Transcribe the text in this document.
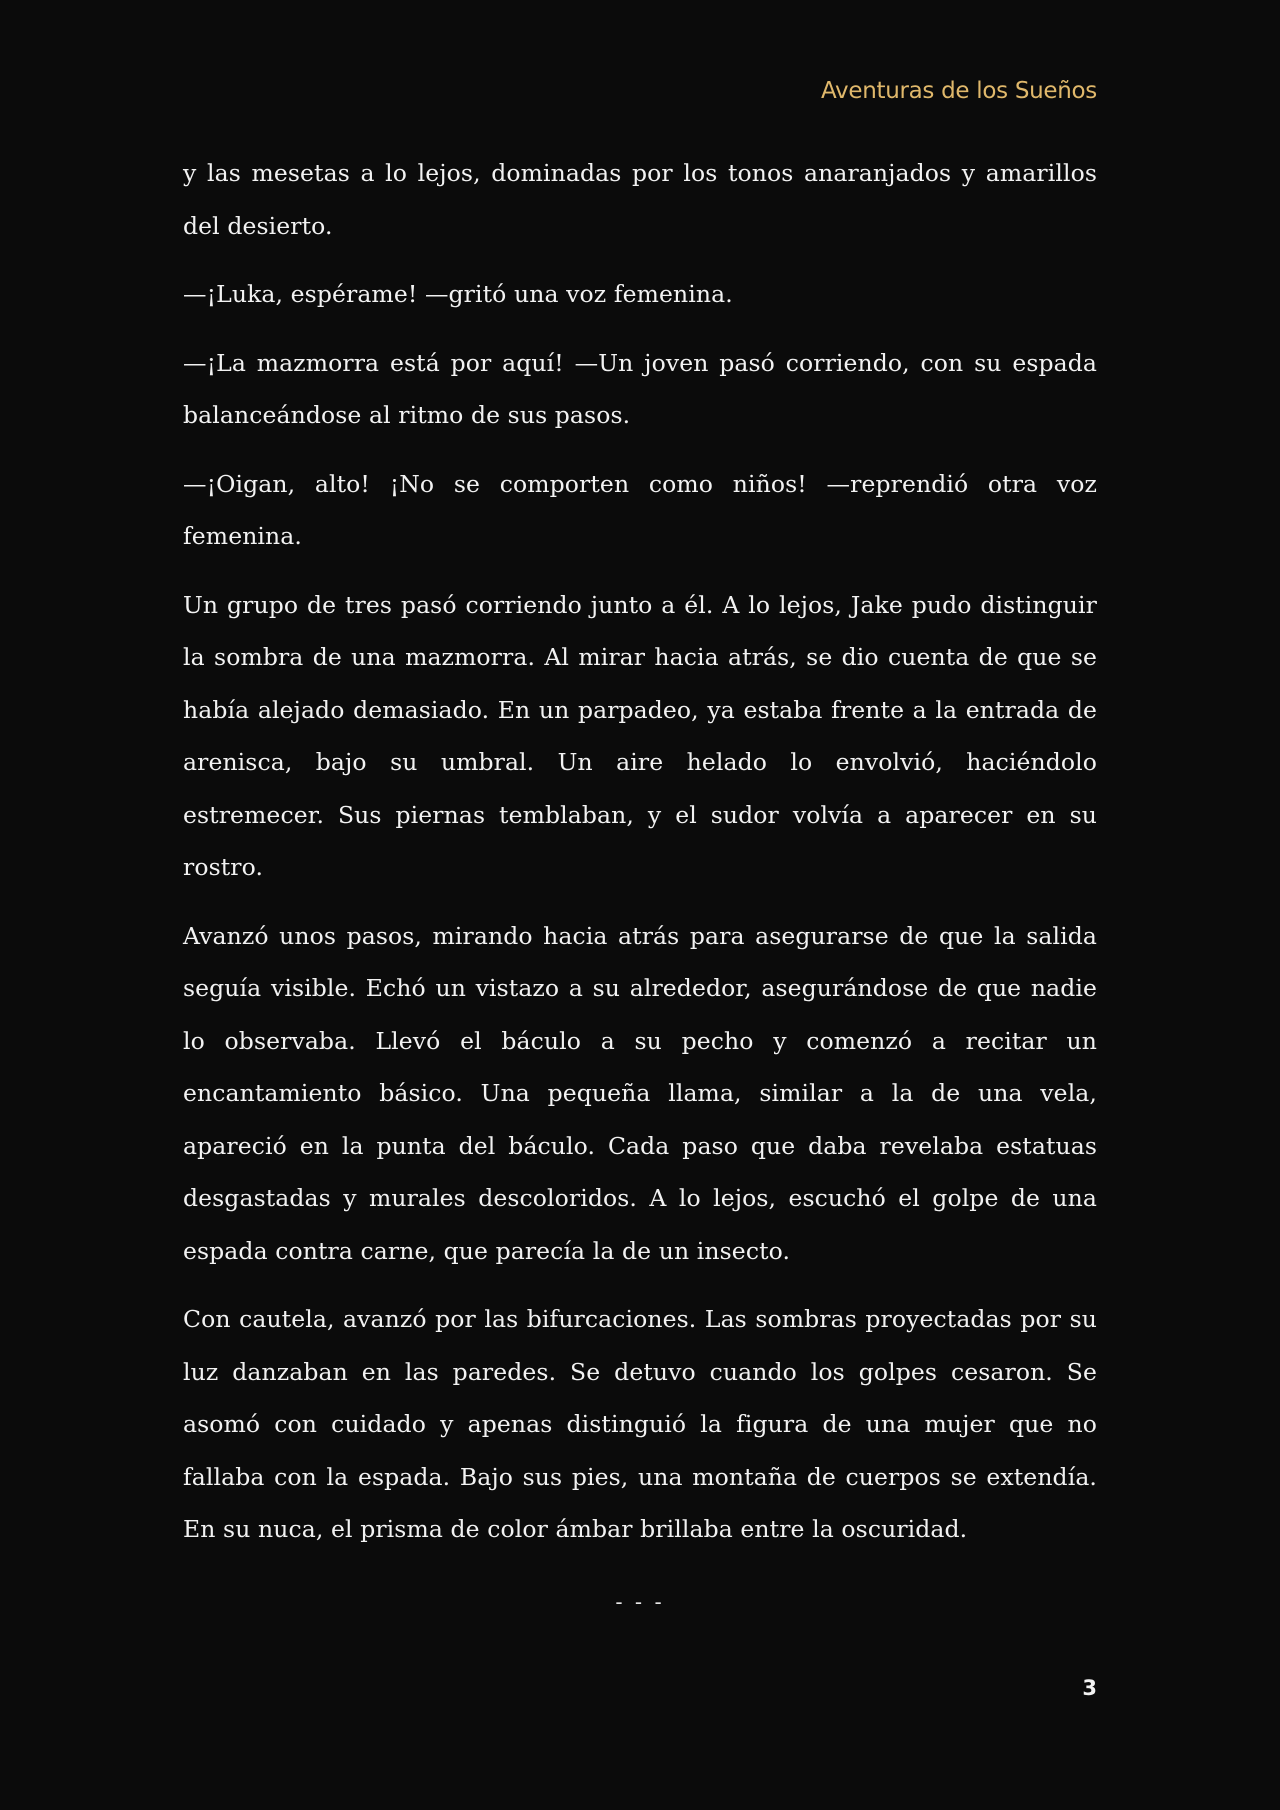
Aventuras de los Sueños

y las mesetas a lo lejos, dominadas por los tonos anaranjados y amarillos del desierto.

—¡Luka, espérame! —gritó una voz femenina.

—¡La mazmorra está por aquí! —Un joven pasó corriendo, con su espada balanceándose al ritmo de sus pasos.

—¡Oigan, alto! ¡No se comporten como niños! —reprendió otra voz femenina.

Un grupo de tres pasó corriendo junto a él. A lo lejos, Jake pudo distinguir la sombra de una mazmorra. Al mirar hacia atrás, se dio cuenta de que se había alejado demasiado. En un parpadeo, ya estaba frente a la entrada de arenisca, bajo su umbral. Un aire helado lo envolvió, haciéndolo estremecer. Sus piernas temblaban, y el sudor volvía a aparecer en su rostro.

Avanzó unos pasos, mirando hacia atrás para asegurarse de que la salida seguía visible. Echó un vistazo a su alrededor, asegurándose de que nadie lo observaba. Llevó el báculo a su pecho y comenzó a recitar un encantamiento básico. Una pequeña llama, similar a la de una vela, apareció en la punta del báculo. Cada paso que daba revelaba estatuas desgastadas y murales descoloridos. A lo lejos, escuchó el golpe de una espada contra carne, que parecía la de un insecto.

Con cautela, avanzó por las bifurcaciones. Las sombras proyectadas por su luz danzaban en las paredes. Se detuvo cuando los golpes cesaron. Se asomó con cuidado y apenas distinguió la figura de una mujer que no fallaba con la espada. Bajo sus pies, una montaña de cuerpos se extendía. En su nuca, el prisma de color ámbar brillaba entre la oscuridad.

- - -
3
